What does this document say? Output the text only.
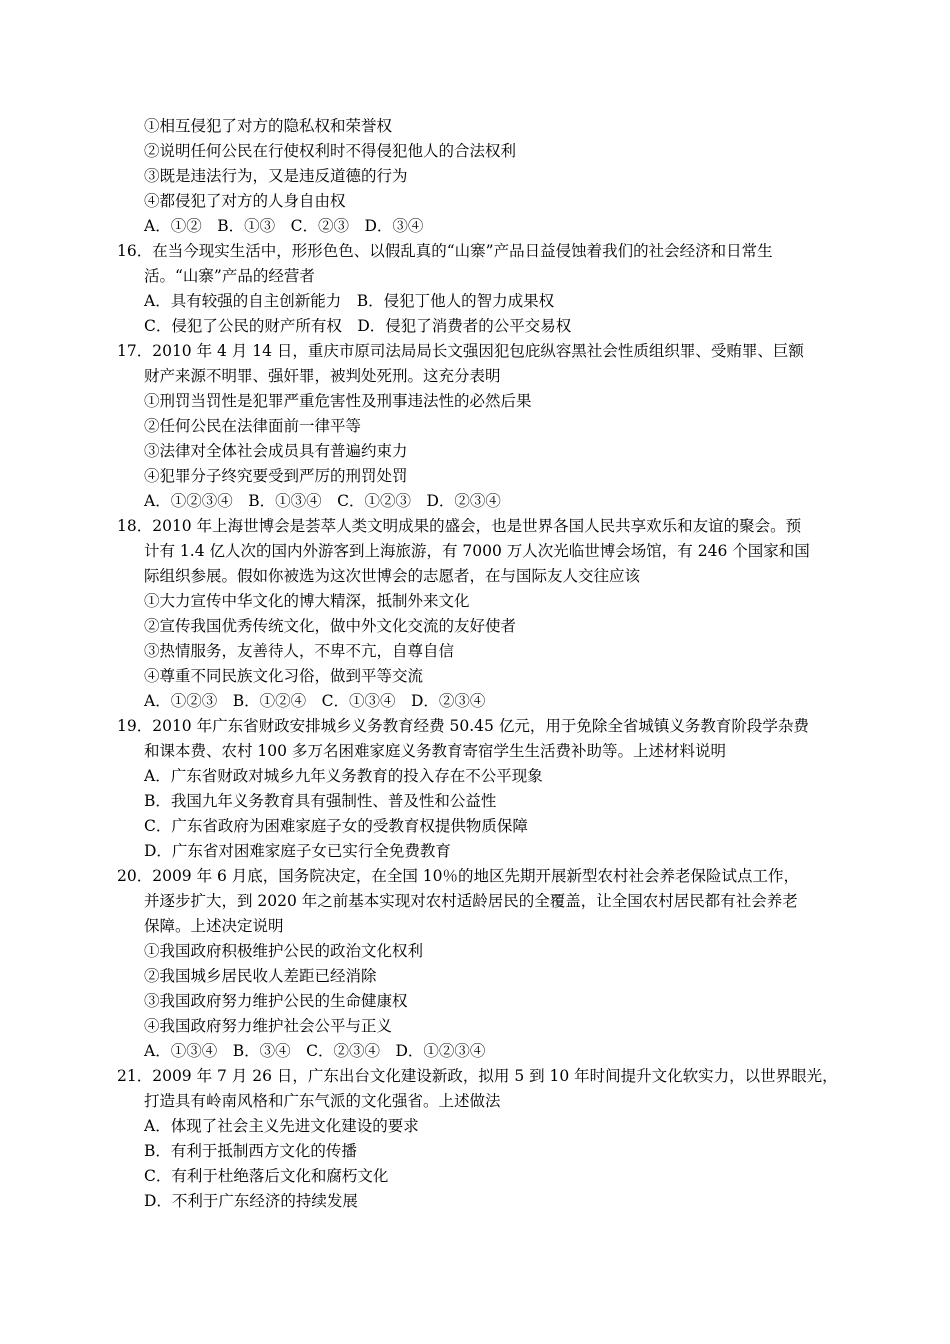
①相互侵犯了对方的隐私权和荣誉权
②说明任何公民在行使权利时不得侵犯他人的合法权利
③既是违法行为，又是违反道德的行为
④都侵犯了对方的人身自由权
A．①②　B．①③　C．②③　D．③④
16．在当今现实生活中，形形色色、以假乱真的“山寨”产品日益侵蚀着我们的社会经济和日常生
活。“山寨”产品的经营者
A．具有较强的自主创新能力　B．侵犯丁他人的智力成果权
C．侵犯了公民的财产所有权　D．侵犯了消费者的公平交易权
17．2010 年 4 月 14 日，重庆市原司法局局长文强因犯包庇纵容黑社会性质组织罪、受贿罪、巨额
财产来源不明罪、强奸罪，被判处死刑。这充分表明
①刑罚当罚性是犯罪严重危害性及刑事违法性的必然后果
②任何公民在法律面前一律平等
③法律对全体社会成员具有普遍约束力
④犯罪分子终究要受到严厉的刑罚处罚
A．①②③④　B．①③④　C．①②③　D．②③④
18．2010 年上海世博会是荟萃人类文明成果的盛会，也是世界各国人民共享欢乐和友谊的聚会。预
计有 1.4 亿人次的国内外游客到上海旅游，有 7000 万人次光临世博会场馆，有 246 个国家和国
际组织参展。假如你被选为这次世博会的志愿者，在与国际友人交往应该
①大力宣传中华文化的博大精深，抵制外来文化
②宣传我国优秀传统文化，做中外文化交流的友好使者
③热情服务，友善待人，不卑不亢，自尊自信
④尊重不同民族文化习俗，做到平等交流
A．①②③　B．①②④　C．①③④　D．②③④
19．2010 年广东省财政安排城乡义务教育经费 50.45 亿元，用于免除全省城镇义务教育阶段学杂费
和课本费、农村 100 多万名困难家庭义务教育寄宿学生生活费补助等。上述材料说明
A．广东省财政对城乡九年义务教育的投入存在不公平现象
B．我国九年义务教育具有强制性、普及性和公益性
C．广东省政府为困难家庭子女的受教育权提供物质保障
D．广东省对困难家庭子女已实行全免费教育
20．2009 年 6 月底，国务院决定，在全国 10％的地区先期开展新型农村社会养老保险试点工作，
并逐步扩大，到 2020 年之前基本实现对农村适龄居民的全覆盖，让全国农村居民都有社会养老
保障。上述决定说明
①我国政府积极维护公民的政治文化权利
②我国城乡居民收人差距已经消除
③我国政府努力维护公民的生命健康权
④我国政府努力维护社会公平与正义
A．①③④　B．③④　C．②③④　D．①②③④
21．2009 年 7 月 26 日，广东出台文化建设新政，拟用 5 到 10 年时间提升文化软实力，以世界眼光，
打造具有岭南风格和广东气派的文化强省。上述做法
A．体现了社会主义先进文化建设的要求
B．有利于抵制西方文化的传播
C．有利于杜绝落后文化和腐朽文化
D．不利于广东经济的持续发展
